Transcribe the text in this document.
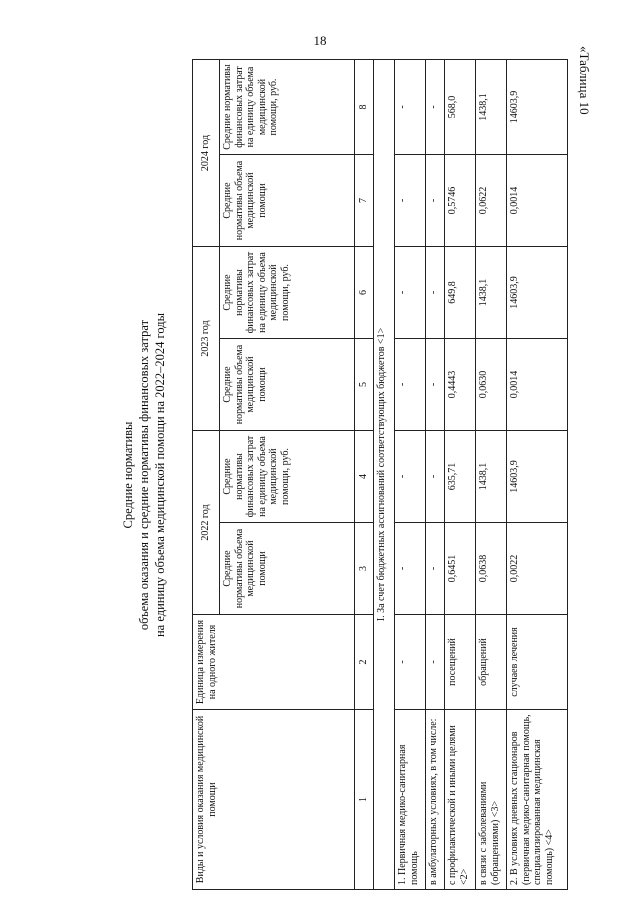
18
«Таблица 10
Средние нормативы объема оказания и средние нормативы финансовых затрат на единицу объема медицинской помощи на 2022–2024 годы
Виды и условия оказания медицинской помощи	Единица измерения на одного жителя	2022 год		2023 год		2024 год	
		Средние нормативы объема медицинской помощи	Средние нормативы финансовых затрат на единицу объема медицинской помощи, руб.	Средние нормативы объема медицинской помощи	Средние нормативы финансовых затрат на единицу объема медицинской помощи, руб.	Средние нормативы объема медицинской помощи	Средние нормативы финансовых затрат на единицу объема медицинской помощи, руб.
1	2	3	4	5	6	7	8
I. За счет бюджетных ассигнований соответствующих бюджетов <1>							
1. Первичная медико-санитарная помощь	-	-	-	-	-	-	-
в амбулаторных условиях, в том числе:	-	-	-	-	-	-	-
с профилактической и иными целями <2>	посещений	0,6451	635,71	0,4443	649,8	0,5746	568,0
в связи с заболеваниями (обращениями) <3>	обращений	0,0638	1438,1	0,0630	1438,1	0,0622	1438,1
2. В условиях дневных стационаров (первичная медико-санитарная помощь, специализированная медицинская помощь) <4>	случаев лечения	0,0022	14603,9	0,0014	14603,9	0,0014	14603,9
